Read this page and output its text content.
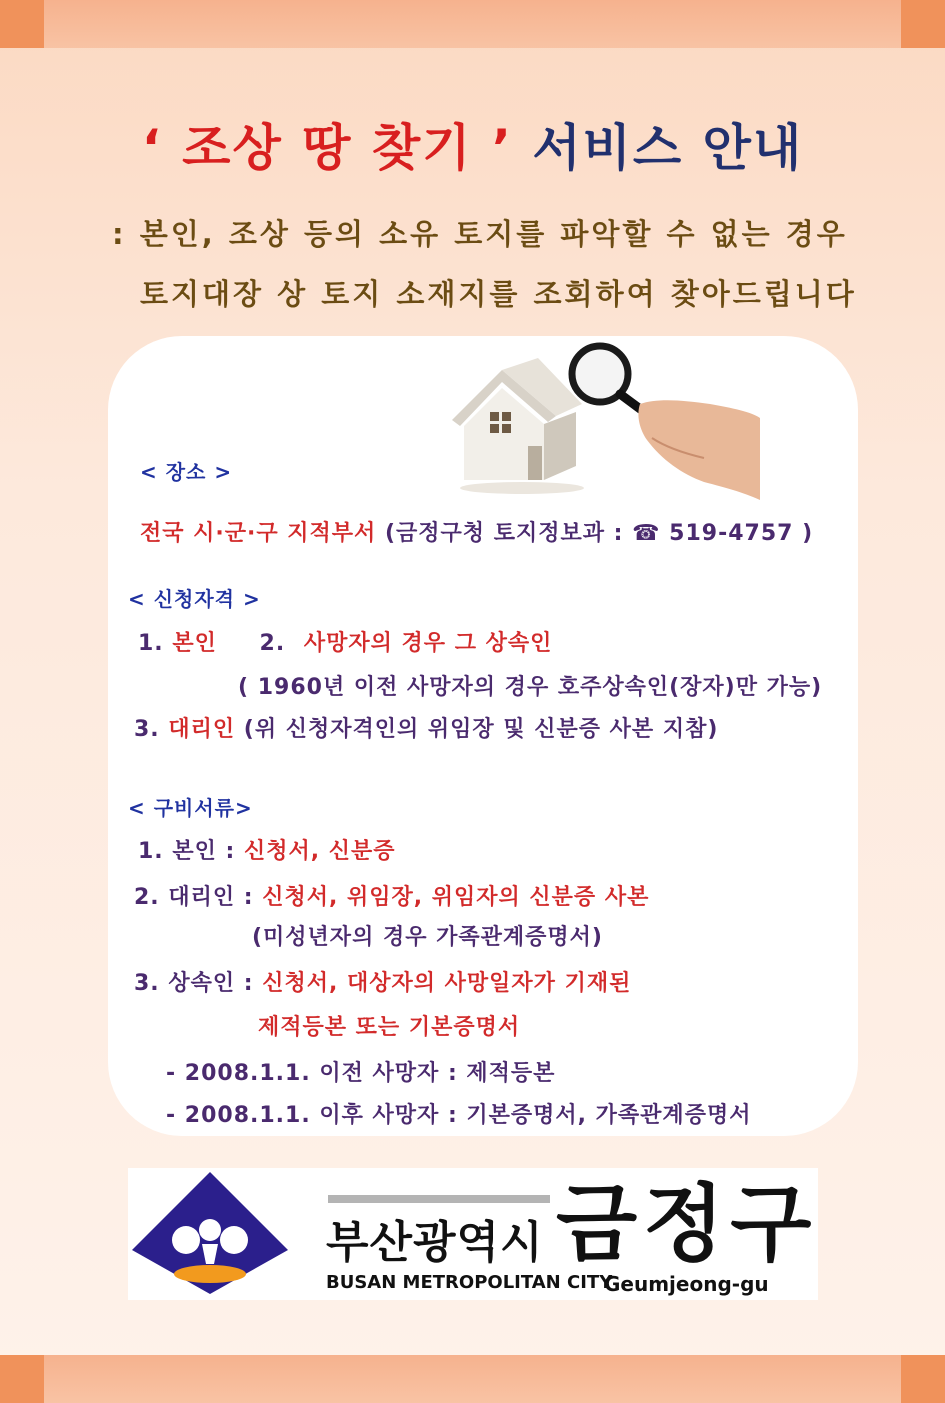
‘ 조상 땅 찾기 ’ 서비스 안내
: 본인, 조상 등의 소유 토지를 파악할 수 없는 경우
토지대장 상 토지 소재지를 조회하여 찾아드립니다
< 장소 >
전국 시·군·구 지적부서 (금정구청 토지정보과 : ☎ 519-4757 )
< 신청자격 >
1. 본인 2. 사망자의 경우 그 상속인
( 1960년 이전 사망자의 경우 호주상속인(장자)만 가능)
3. 대리인 (위 신청자격인의 위임장 및 신분증 사본 지참)
< 구비서류>
1. 본인 : 신청서, 신분증
2. 대리인 : 신청서, 위임장, 위임자의 신분증 사본
(미성년자의 경우 가족관계증명서)
3. 상속인 : 신청서, 대상자의 사망일자가 기재된
제적등본 또는 기본증명서
- 2008.1.1. 이전 사망자 : 제적등본
- 2008.1.1. 이후 사망자 : 기본증명서, 가족관계증명서
부산광역시 금정구
BUSAN METROPOLITAN CITY
Geumjeong-gu
